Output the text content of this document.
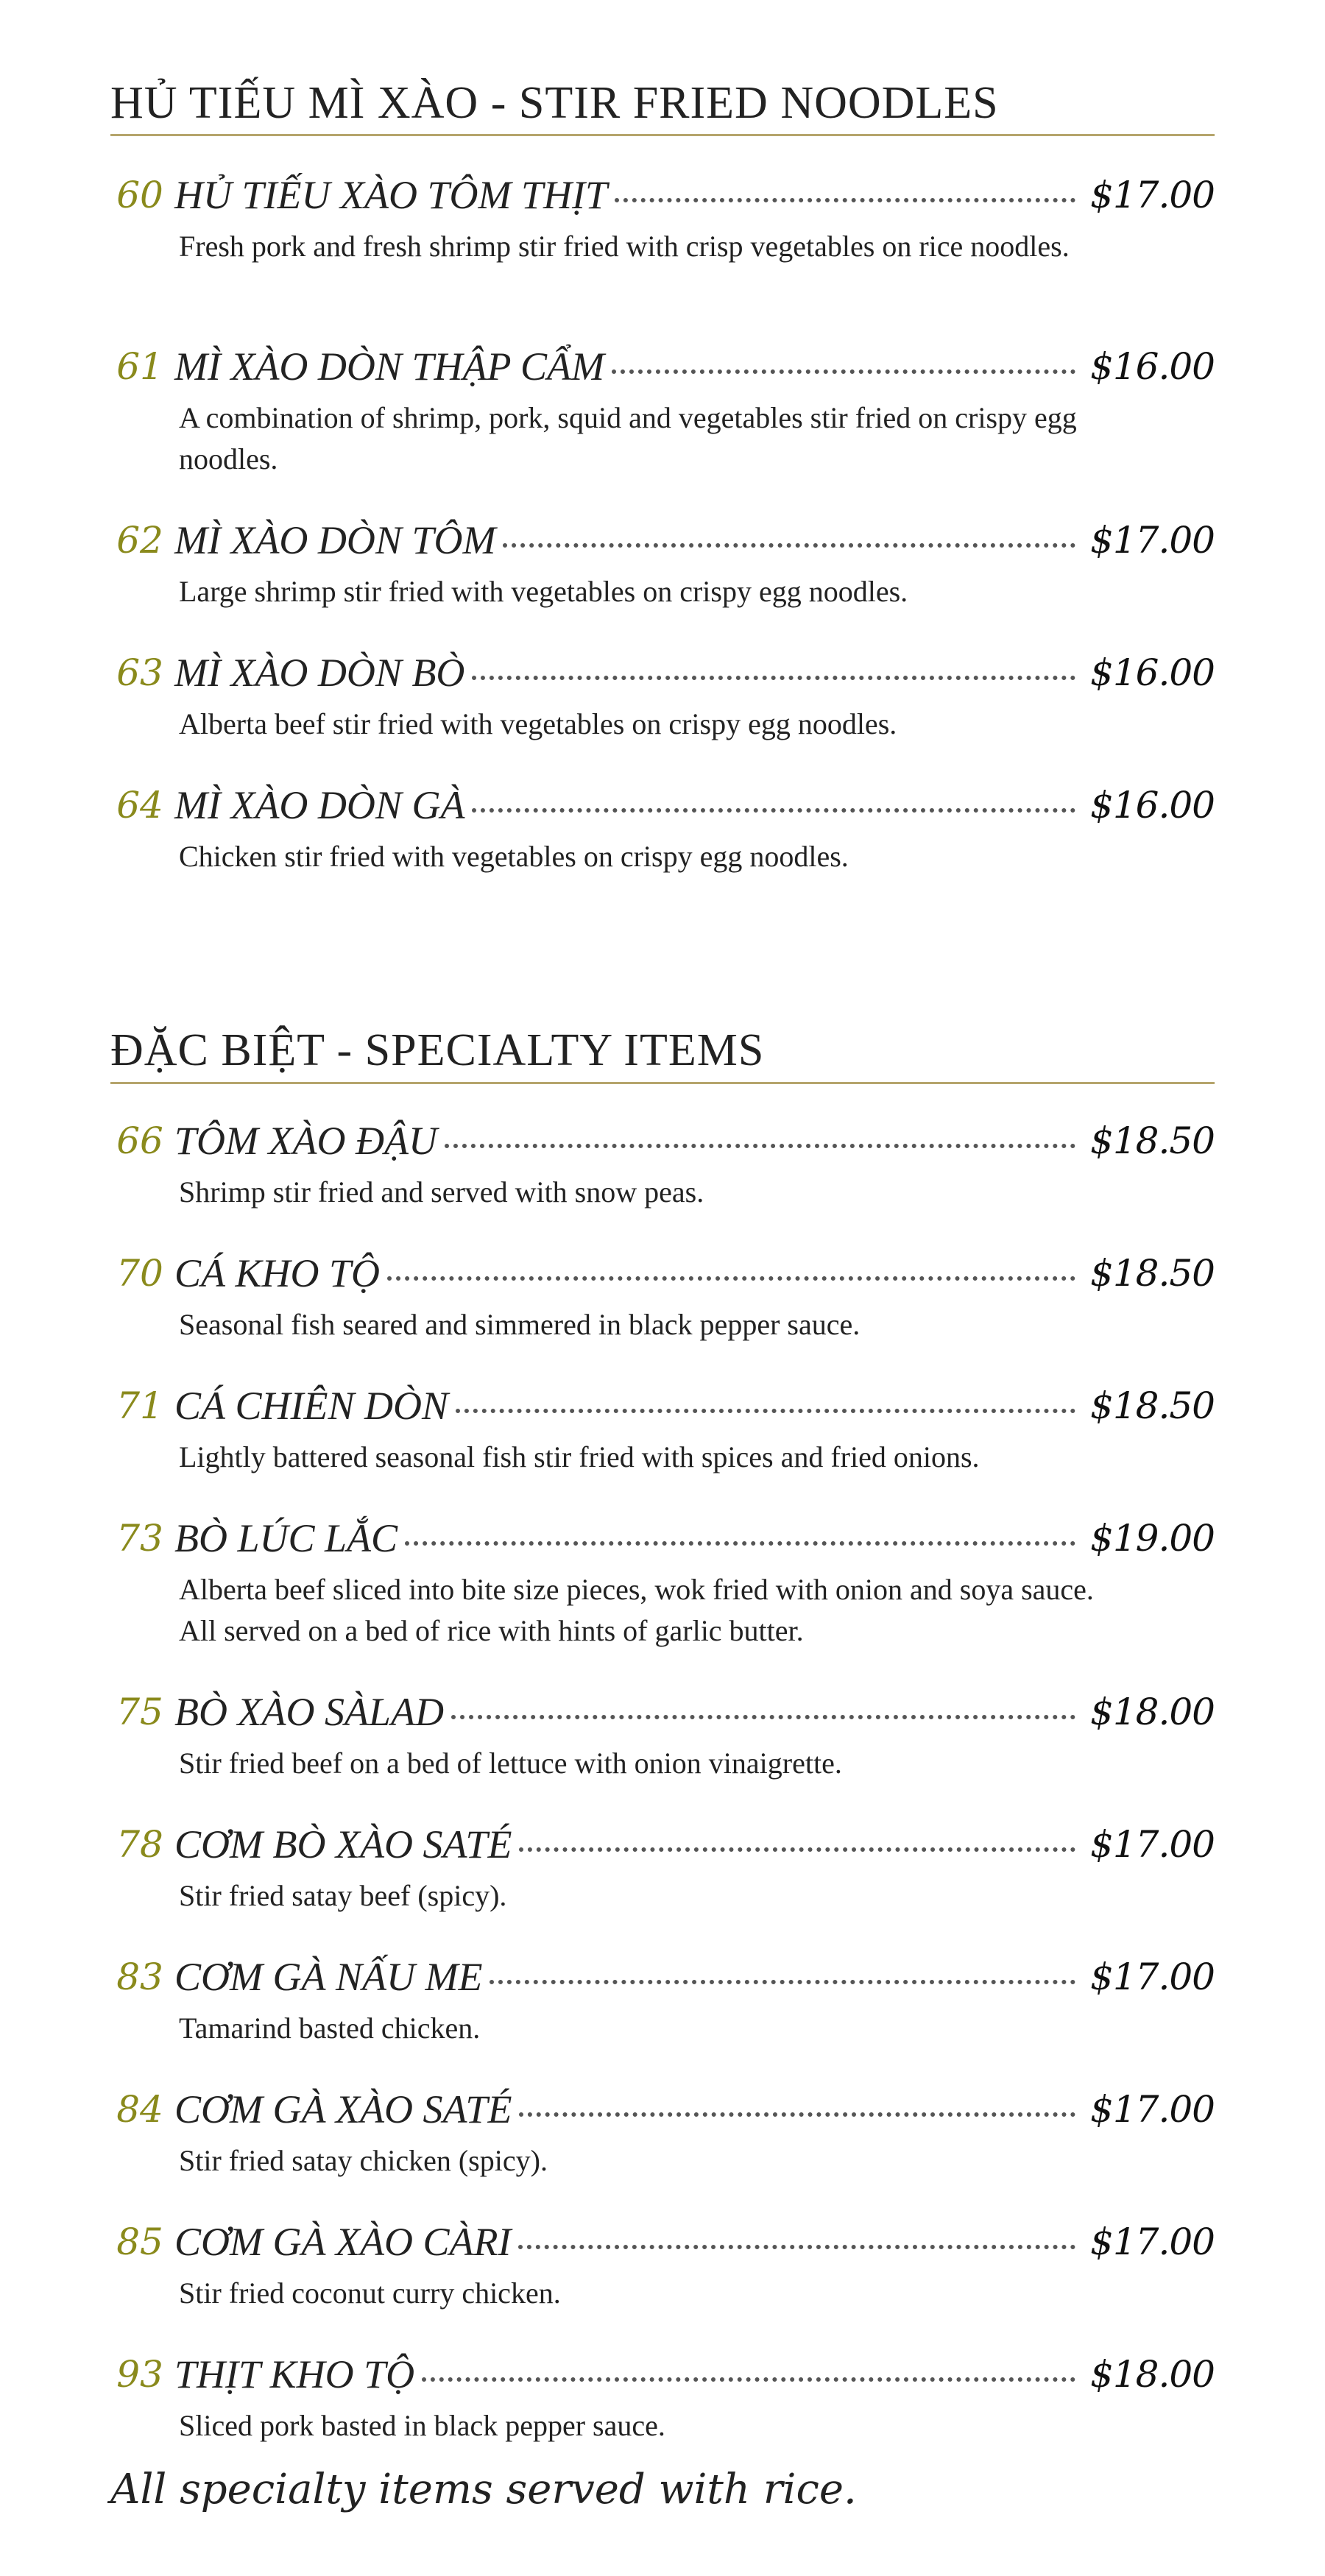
HỦ TIẾU MÌ XÀO - STIR FRIED NOODLES
60 HỦ TIẾU XÀO TÔM THỊT	$17.00
Fresh pork and fresh shrimp stir fried with crisp vegetables on rice noodles.
61 MÌ XÀO DÒN THẬP CẨM	$16.00
A combination of shrimp, pork, squid and vegetables stir fried on crispy egg noodles.
62 MÌ XÀO DÒN TÔM	$17.00
Large shrimp stir fried with vegetables on crispy egg noodles.
63 MÌ XÀO DÒN BÒ	$16.00
Alberta beef stir fried with vegetables on crispy egg noodles.
64 MÌ XÀO DÒN GÀ	$16.00
Chicken stir fried with vegetables on crispy egg noodles.
ĐẶC BIỆT - SPECIALTY ITEMS
66 TÔM XÀO ĐẬU	$18.50
Shrimp stir fried and served with snow peas.
70 CÁ KHO TỘ	$18.50
Seasonal fish seared and simmered in black pepper sauce.
71 CÁ CHIÊN DÒN	$18.50
Lightly battered seasonal fish stir fried with spices and fried onions.
73 BÒ LÚC LẮC	$19.00
Alberta beef sliced into bite size pieces, wok fried with onion and soya sauce. All served on a bed of rice with hints of garlic butter.
75 BÒ XÀO SÀLAD	$18.00
Stir fried beef on a bed of lettuce with onion vinaigrette.
78 CƠM BÒ XÀO SATÉ	$17.00
Stir fried satay beef (spicy).
83 CƠM GÀ NẤU ME	$17.00
Tamarind basted chicken.
84 CƠM GÀ XÀO SATÉ	$17.00
Stir fried satay chicken (spicy).
85 CƠM GÀ XÀO CÀRI	$17.00
Stir fried coconut curry chicken.
93 THỊT KHO TỘ	$18.00
Sliced pork basted in black pepper sauce.
All specialty items served with rice.
